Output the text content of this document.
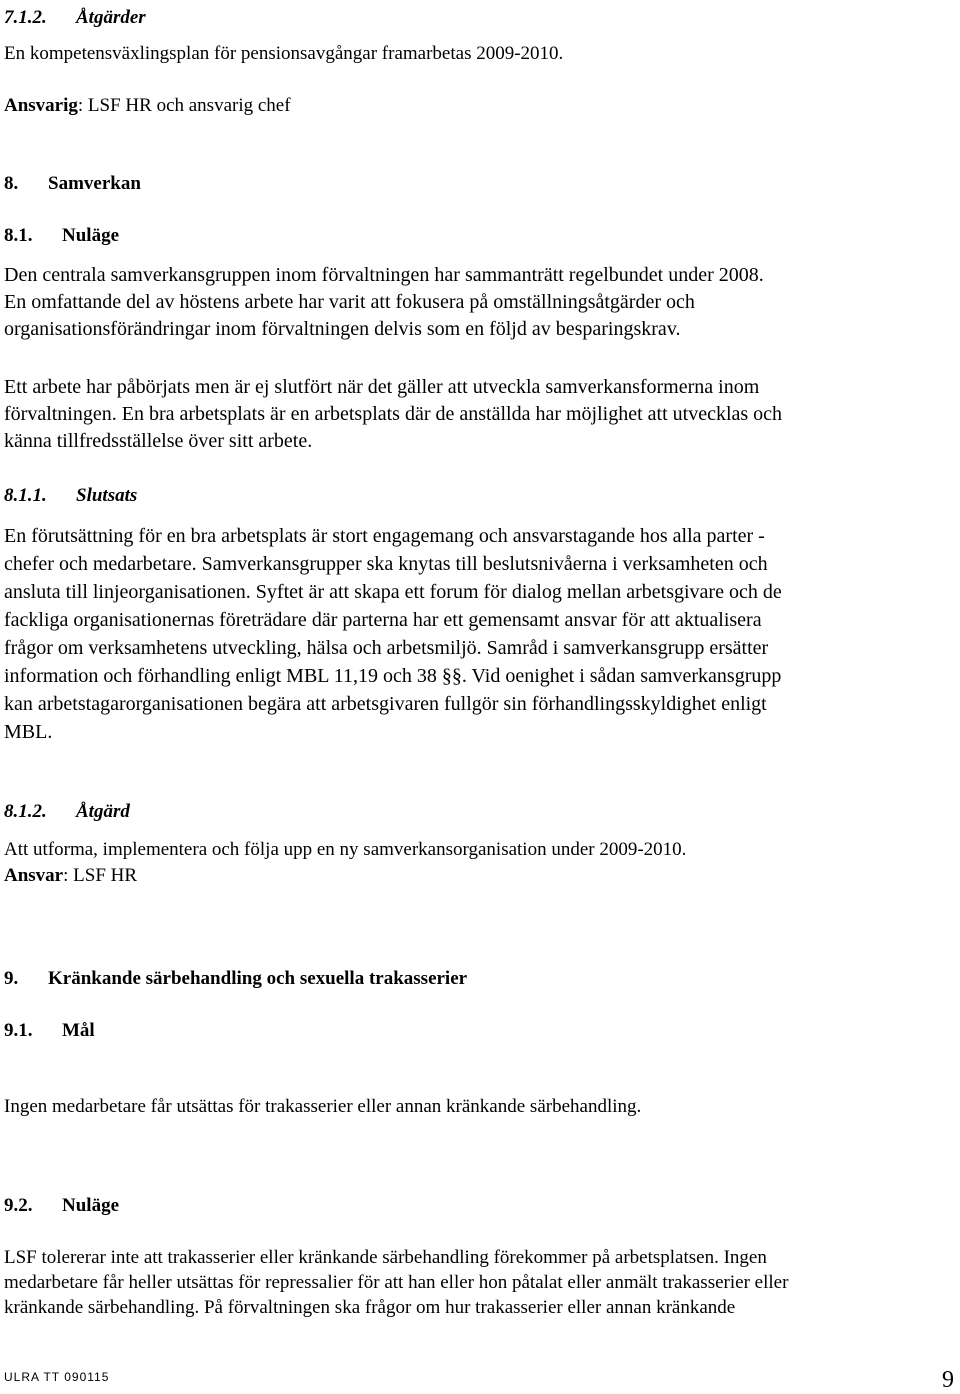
7.1.2. Åtgärder
En kompetensväxlingsplan för pensionsavgångar framarbetas 2009-2010.
Ansvarig: LSF HR och ansvarig chef
8. Samverkan
8.1. Nuläge
Den centrala samverkansgruppen inom förvaltningen har sammanträtt regelbundet under 2008.
En omfattande del av höstens arbete har varit att fokusera på omställningsåtgärder och
organisationsförändringar inom förvaltningen delvis som en följd av besparingskrav.
Ett arbete har påbörjats men är ej slutfört när det gäller att utveckla samverkansformerna inom
förvaltningen. En bra arbetsplats är en arbetsplats där de anställda har möjlighet att utvecklas och
känna tillfredsställelse över sitt arbete.
8.1.1. Slutsats
En förutsättning för en bra arbetsplats är stort engagemang och ansvarstagande hos alla parter -
chefer och medarbetare. Samverkansgrupper ska knytas till beslutsnivåerna i verksamheten och
ansluta till linjeorganisationen. Syftet är att skapa ett forum för dialog mellan arbetsgivare och de
fackliga organisationernas företrädare där parterna har ett gemensamt ansvar för att aktualisera
frågor om verksamhetens utveckling, hälsa och arbetsmiljö. Samråd i samverkansgrupp ersätter
information och förhandling enligt MBL 11,19 och 38 §§. Vid oenighet i sådan samverkansgrupp
kan arbetstagarorganisationen begära att arbetsgivaren fullgör sin förhandlingsskyldighet enligt
MBL.
8.1.2. Åtgärd
Att utforma, implementera och följa upp en ny samverkansorganisation under 2009-2010.
Ansvar: LSF HR
9. Kränkande särbehandling och sexuella trakasserier
9.1. Mål
Ingen medarbetare får utsättas för trakasserier eller annan kränkande särbehandling.
9.2. Nuläge
LSF tolererar inte att trakasserier eller kränkande särbehandling förekommer på arbetsplatsen. Ingen
medarbetare får heller utsättas för repressalier för att han eller hon påtalat eller anmält trakasserier eller
kränkande särbehandling. På förvaltningen ska frågor om hur trakasserier eller annan kränkande
ULRA TT 090115	9
